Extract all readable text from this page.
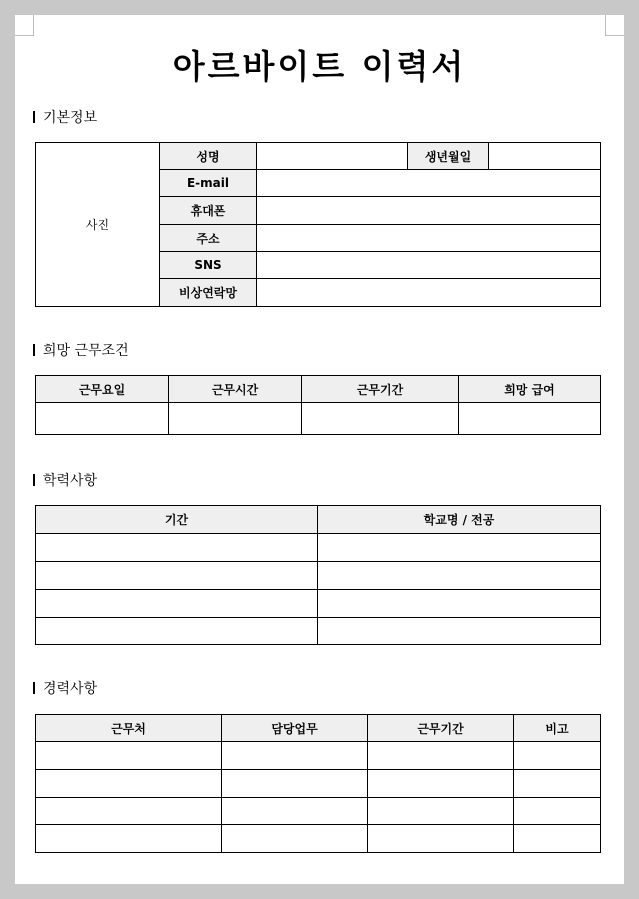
아르바이트 이력서
기본정보
사진	성명		생년월일	
	E-mail			
	휴대폰			
	주소			
	SNS			
	비상연락망			
희망 근무조건
근무요일	근무시간	근무기간	희망 급여

학력사항
기간	학교명 / 전공

경력사항
근무처	담당업무	근무기간	비고
